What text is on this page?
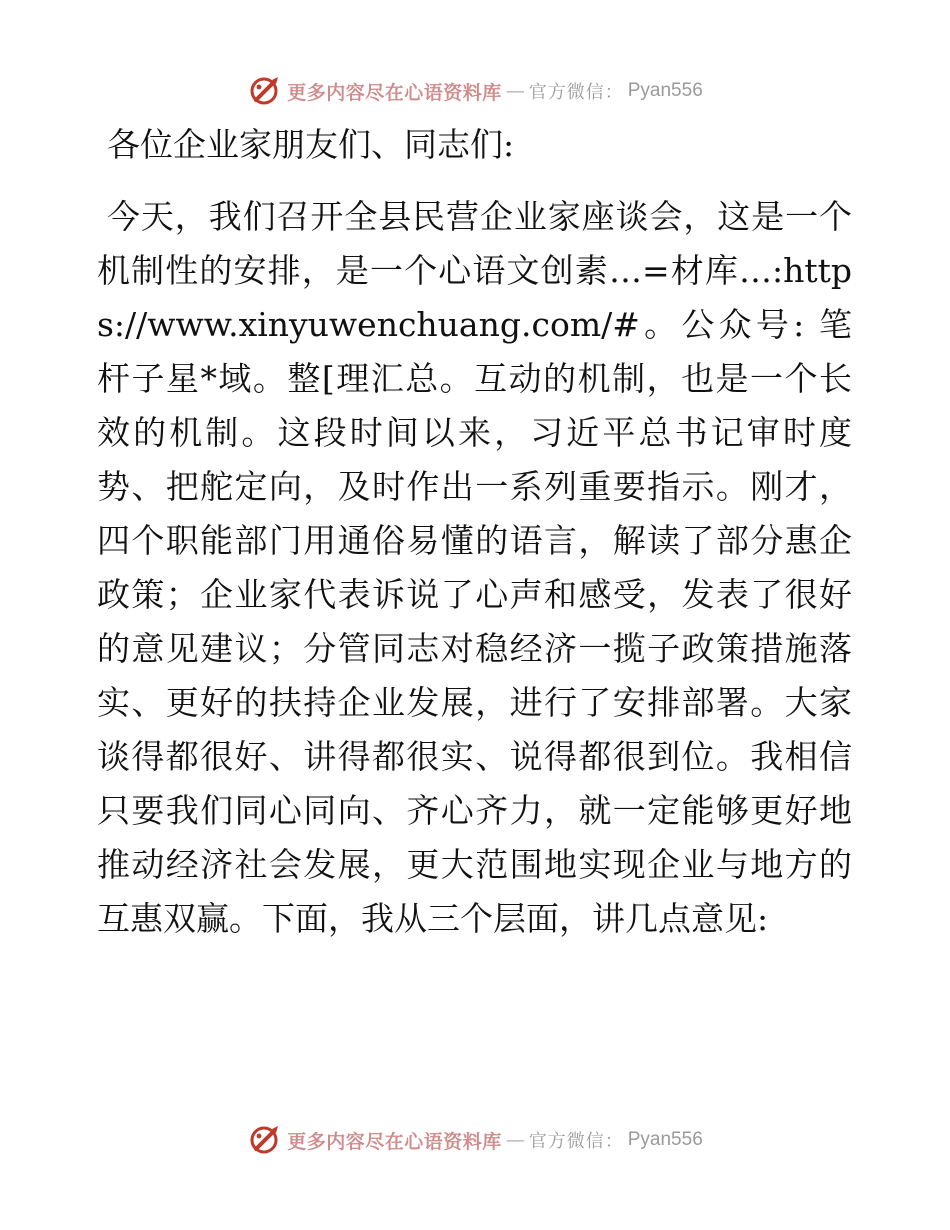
更多内容尽在心语资料库 — 官方微信： Pyan556

各位企业家朋友们、同志们:

今天，我们召开全县民营企业家座谈会，这是一个机制性的安排，是一个心语文创素…=材库…:https://www.xinyuwenchuang.com/#。公众号: 笔杆子星*域。整[理汇总。互动的机制，也是一个长效的机制。这段时间以来，习近平总书记审时度势、把舵定向，及时作出一系列重要指示。刚才，四个职能部门用通俗易懂的语言，解读了部分惠企政策；企业家代表诉说了心声和感受，发表了很好的意见建议；分管同志对稳经济一揽子政策措施落实、更好的扶持企业发展，进行了安排部署。大家谈得都很好、讲得都很实、说得都很到位。我相信只要我们同心同向、齐心齐力，就一定能够更好地推动经济社会发展，更大范围地实现企业与地方的互惠双赢。下面，我从三个层面，讲几点意见:

更多内容尽在心语资料库 — 官方微信： Pyan556
